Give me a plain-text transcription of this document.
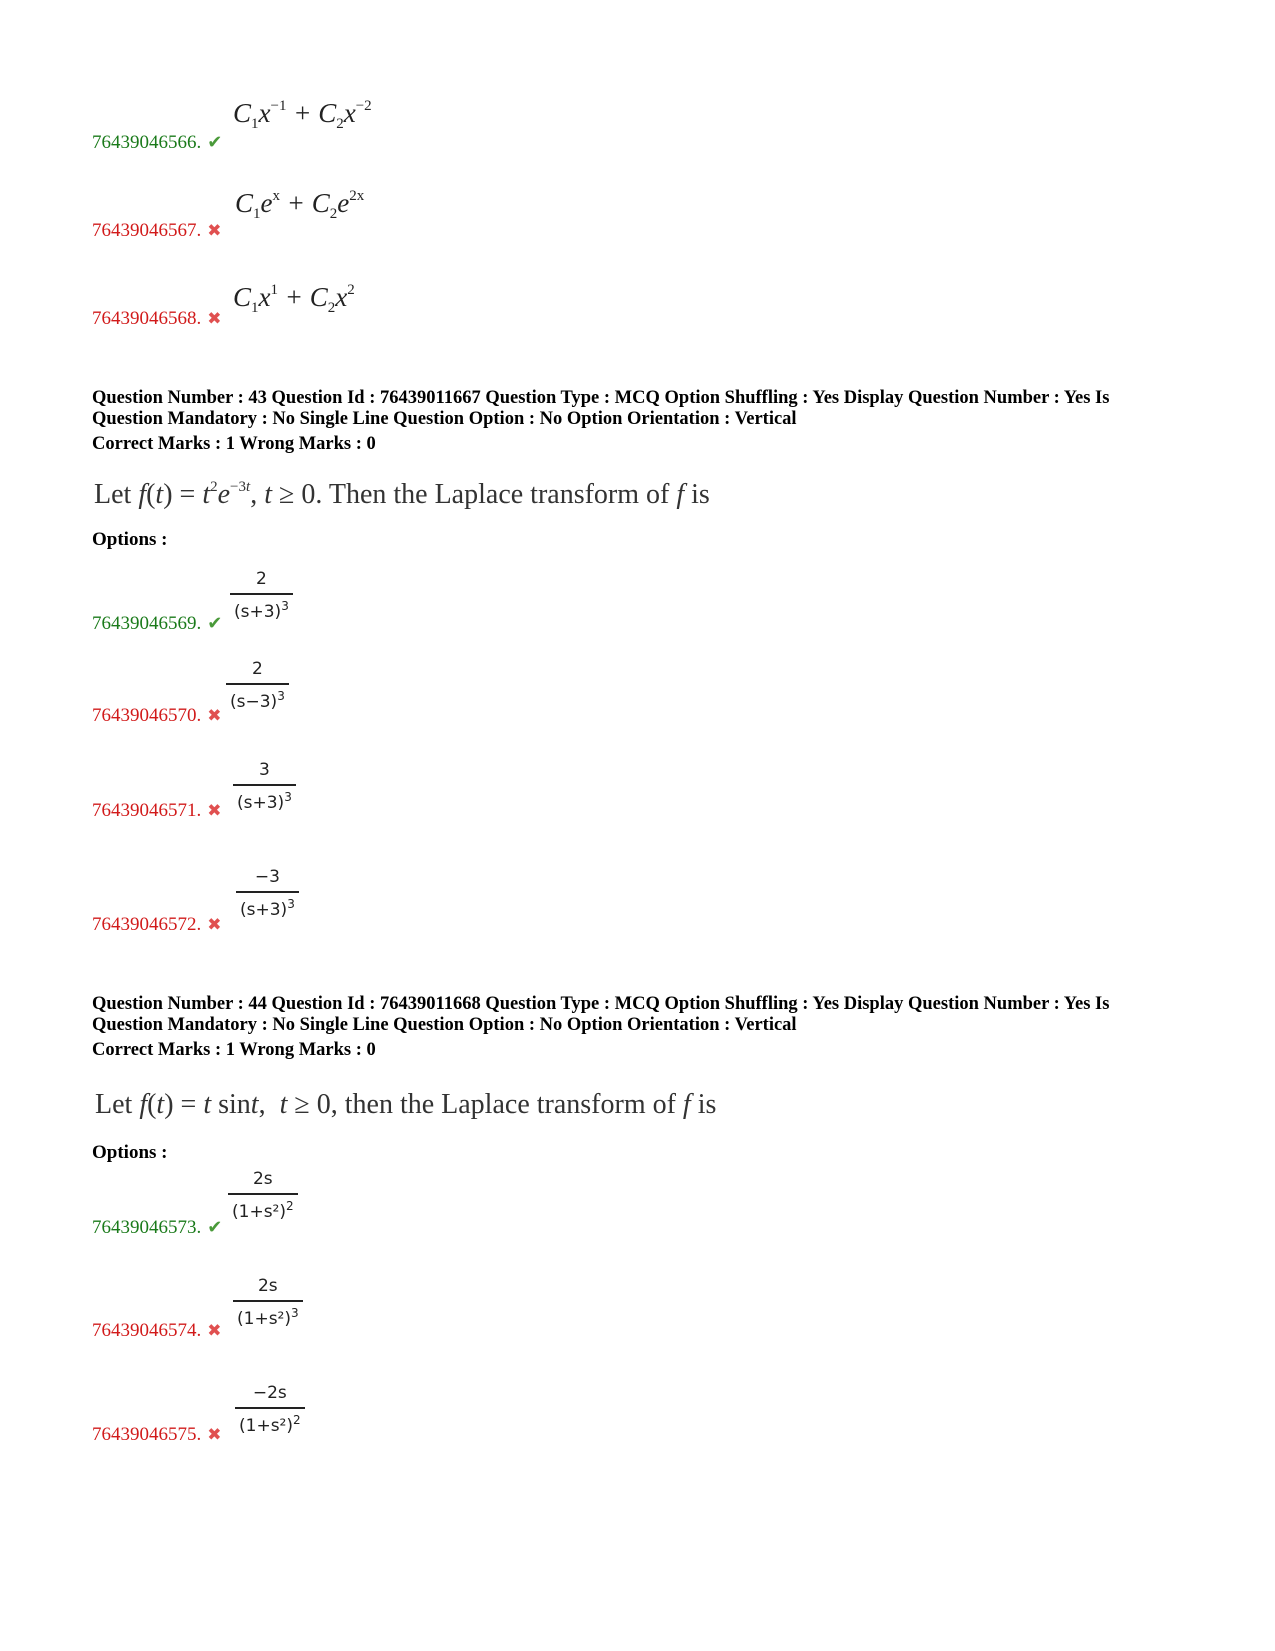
$C_1x^{-1} + C_2x^{-2}$
76439046566. ✔
$C_1e^x + C_2e^{2x}$
76439046567. ✖
$C_1x^1 + C_2x^2$
76439046568. ✖
Question Number : 43 Question Id : 76439011667 Question Type : MCQ Option Shuffling : Yes Display Question Number : Yes Is
Question Mandatory : No Single Line Question Option : No Option Orientation : Vertical
Correct Marks : 1 Wrong Marks : 0
Let $f(t) = t^2e^{-3t}$, t ≥ 0. Then the Laplace transform of f is
Options :
2
$(s+3)^3$
76439046569. ✔
2
$(s-3)^3$
76439046570. ✖
3
$(s+3)^3$
76439046571. ✖
−3
$(s+3)^3$
76439046572. ✖
Question Number : 44 Question Id : 76439011668 Question Type : MCQ Option Shuffling : Yes Display Question Number : Yes Is
Question Mandatory : No Single Line Question Option : No Option Orientation : Vertical
Correct Marks : 1 Wrong Marks : 0
Let f(t) = t sint,  t ≥ 0, then the Laplace transform of f is
Options :
2s
$(1+s^2)^2$
76439046573. ✔
2s
$(1+s^2)^3$
76439046574. ✖
−2s
$(1+s^2)^2$
76439046575. ✖
